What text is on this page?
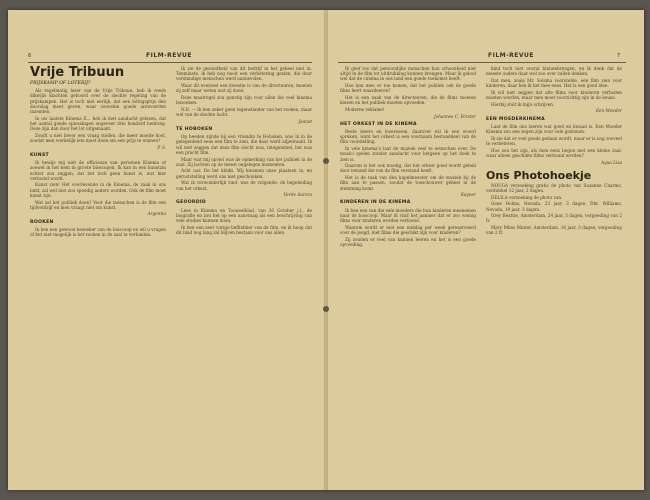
6	FILM-REVUE
Vrije Tribuun
PRIJSKAMP OF LOTERIJ?

Als regelmatig lezer van de Vrije Tribuun, heb ik reeds dikwijls klachten gehoord over de slechte regeling van de prijskampen. Het is toch niet eerlijk, dat een lotingsprijs den doorslag moet geven, waar zoovelen goede antwoorden inzenden.

In uw laatste Kinema E... heb ik met aandacht gelezen, dat het aantal goede oplossingen ongeveer drie honderd bedroeg. Deze zijn dan door het lot uitgemaakt.

Zoudt u niet liever een vraag stellen, die meer moeite kost, zoodat men werkelijk iets moet doen om een prijs te winnen?

P. S.
KUNST

Ik bewijs mij niet de officieuze van personen Kinema of zoowel in het hem in groote bioscopen. Ik kan in een kunstzin echter zou zeggen, dat het toch geen kunst is, wat hier vertoond wordt.

Kunst zien! Het overlevende in de Kinema, de zaak in ons land, zal wel niet zoo spoedig anders worden. Ook de film moet kunst zijn.

Wat zal het publiek doen? Voor die menschen is de film een tijdverdrijf en men vraagt niet om kunst.

Argentia
ROOKEN

Ik ben een gewoon bezoeker van de bioscoop en wil u vragen of het niet mogelijk is het rooken in de zaal te verbieden.

Ik zie de gezondheid van dit bedrijf in het geheel niet in. Tenminste, ik heb nog nooit een verbetering gezien, die door verstandige menschen werd aanbevolen.

Waar dit evenwel een kwestie is van de directeuren, moeten zij zelf maar weten wat zij doen.

Deze maatregel zou gunstig zijn voor allen die veel kinema bezoeken.

N.B. — Ik ben zeker geen tegenstander van het rooken, maar wel van de slechte lucht.

Jeanet
TE HOBOKEN

Op heeden zijnde bij een vriendin te Hoboken, was ik in de gelegenheid eens een film te zien, die daar werd afgedraaid. Ik wil niet zeggen dat deze film slecht was, integendeel, het was een pracht film.

Maar wat mij opviel was de opmerking van het publiek in de zaal. Zij lachten op de meest ongelegen momenten.

Acht uur. De bel klinkt. Wij kwamen onze plaatsen in, en geruststelling werd ons niet geschonken.

Wat ik verwonderlijk vind, was de volgende: de begeleiding van het orkest.

Verde Aurora
GEOORDID

Lees in Kinema en Tooneelblad, van 30 October j.l., de biografie en zou het op een aanvraag als een beschrijving van vele studies kunnen doen.

Ik ben een zeer vurige liefhebber van de film, en ik hoop dat dit blad nog lang zal blijven bestaan voor ons allen.

FILM-REVUE	7

Ik geef toe dat persoonlijke menschen hun schoonheid niet altijd in de film tot uitdrukking kunnen brengen. Maar ik geloof wel dat de cinema in ons land een goede toekomst heeft.

Hoe kan men er toe komen, dat het publiek ook de goede films leert waardeeren?

Het is een zaak van de directeuren, die de films moeten kiezen en het publiek moeten opvoeden.

Moderne reklame!

Johannes C. Förster
HET ORKEST IN DE KINEMA

Beste lezers en lezeressen, daarover wil ik een woord spreken, want het orkest is een voornaam bestanddeel van de film voorstelling.

In vele kinema's laat de muziek veel te wenschen over. De musici spelen zonder aandacht voor hetgeen op het doek te zien is.

Daarom is het ook noodig, dat het orkest goed wordt geleid door iemand die van de film verstand heeft.

Het is de taak van den kapelmeester om de muziek bij de film aan te passen, zoodat de toeschouwer geheel in de stemming komt.

Kayner
KINDEREN IN DE KINEMA

Ik ben een van die vele moeders die hun kinderen meenemen naar de bioscoop. Maar ik vind het jammer dat er zoo weinig films voor kinderen worden vertoond.

Waarom wordt er niet een middag per week gereserveerd voor de jeugd, met films die geschikt zijn voor kinderen?

Zij zouden er veel van kunnen leeren en het is een goede opvoeding.

kind toch niet overal binnenbrengen, en ik denk dat de meeste ouders daar wel zoo over zullen denken.

Dat men, zoals Mr. Solsma voorstelde, een film zien voor kinderen, daar ben ik het mee eens. Het is een goed idee.

Ik wil niet zeggen dat alle films voor kinderen verboden moeten worden, maar men moet voorzichtig zijn in de keuze.

Hierbij sluit ik mijn schrijven.

Een Moeder
EEN MOEDERKINEMA

Laat de film ons leeren wat goed en kwaad is. Een Moeder Kinema zou een zegen zijn voor vele gezinnen.

Ik zie dat er veel goeds gedaan wordt, maar er is nog zooveel te verbeteren.

Hoe zou het zijn, als men eens begon met een kleine zaal, waar alleen geschikte films vertoond werden?

Aqua Lisa
Ons Photohoekje

NOUGA verzoeking gratis de photo van Suzanne Charms, verdubbel 12 jaar, 2 dagen.

DELILA verzoeking de photo van.

Gene Holms, Nevada, 23 jaar, 3 dagen. Dhr. Williams, Nevada, 19 jaar, 3 dagen.

Grey Beattie, Amsterdam, 24 jaar, 3 dagen, vergoeding van 2 fr.

Mary Miles Minter, Amsterdam, 16 jaar, 3 dagen, vergoeding van 2 fr.
